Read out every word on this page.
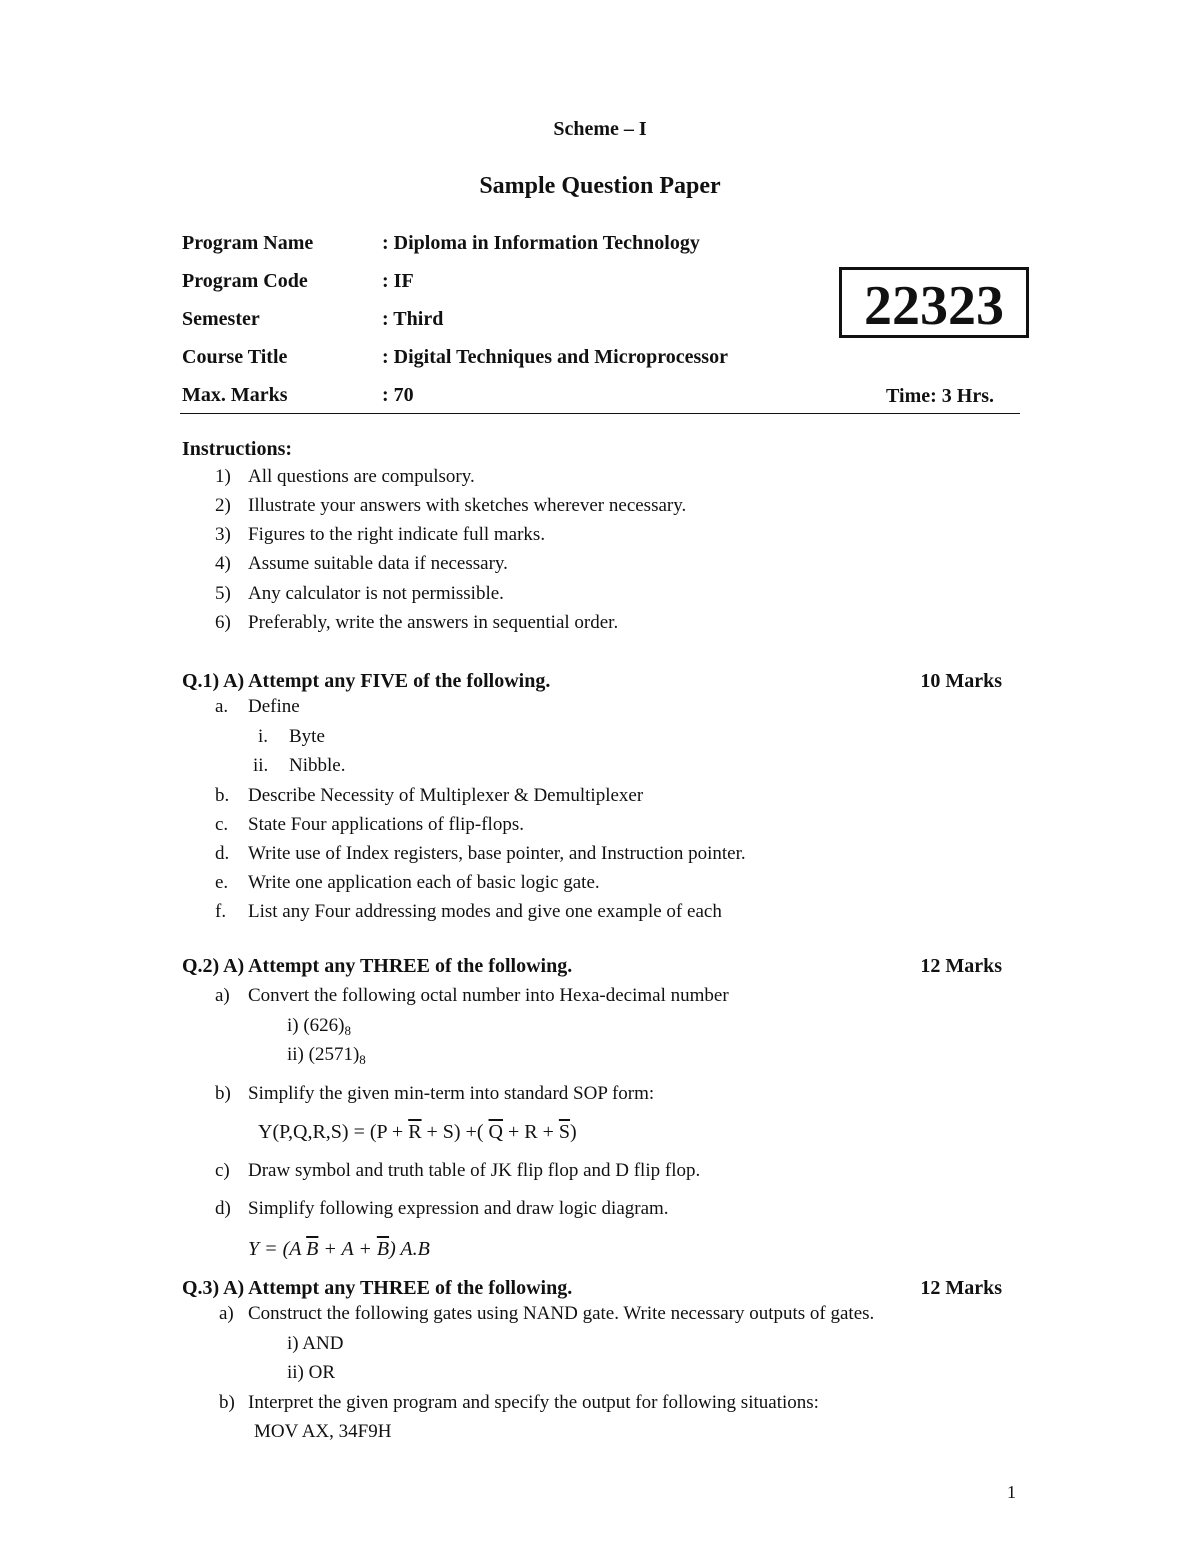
Scheme – I
Sample Question Paper
Program Name	: Diploma in Information Technology
Program Code	: IF
Semester	: Third
Course Title	: Digital Techniques and Microprocessor
Max. Marks	: 70
22323
Time: 3 Hrs.
Instructions:
1) All questions are compulsory.
2) Illustrate your answers with sketches wherever necessary.
3) Figures to the right indicate full marks.
4) Assume suitable data if necessary.
5) Any calculator is not permissible.
6) Preferably, write the answers in sequential order.
Q.1) A) Attempt any FIVE of the following.	10 Marks
a. Define
i. Byte
ii. Nibble.
b. Describe Necessity of Multiplexer & Demultiplexer
c. State Four applications of flip-flops.
d. Write use of Index registers, base pointer, and Instruction pointer.
e. Write one application each of basic logic gate.
f. List any Four addressing modes and give one example of each
Q.2) A) Attempt any THREE of the following.	12 Marks
a) Convert the following octal number into Hexa-decimal number
i) $(626)_8$
ii) $(2571)_8$
b) Simplify the given min-term into standard SOP form:
$Y(P,Q,R,S) = (P + \overline{R} + S)$ +( $\overline{Q} + R + \overline{S}$)
c) Draw symbol and truth table of JK flip flop and D flip flop.
d) Simplify following expression and draw logic diagram.
Y = (A $\overline{B} + A + \overline{B}$) A.B
Q.3) A) Attempt any THREE of the following.	12 Marks
a) Construct the following gates using NAND gate. Write necessary outputs of gates.
i) AND
ii) OR
b) Interpret the given program and specify the output for following situations:
MOV AX, 34F9H
1
